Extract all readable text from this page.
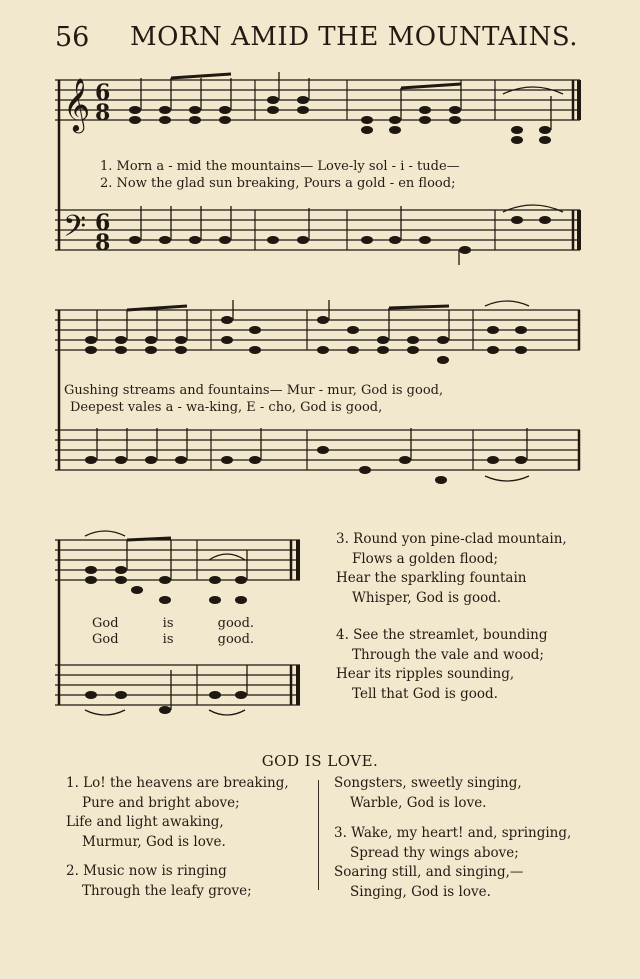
56 MORN AMID THE MOUNTAINS.
𝄞
𝄢
6
8
6
8
1. Morn a - mid the mountains— Love-ly sol - i - tude—
2. Now the glad sun breaking, Pours a gold - en flood;
Gushing streams and fountains— Mur - mur, God is good,
Deepest vales a - wa-king, E - cho, God is good,
God is good.
God is good.
3. Round yon pine-clad mountain,
Flows a golden flood;
Hear the sparkling fountain
Whisper, God is good.
4. See the streamlet, bounding
Through the vale and wood;
Hear its ripples sounding,
Tell that God is good.
GOD IS LOVE.
1. Lo! the heavens are breaking,
Pure and bright above;
Life and light awaking,
Murmur, God is love.
2. Music now is ringing
Through the leafy grove;
Songsters, sweetly singing,
Warble, God is love.
3. Wake, my heart! and, springing,
Spread thy wings above;
Soaring still, and singing,—
Singing, God is love.
